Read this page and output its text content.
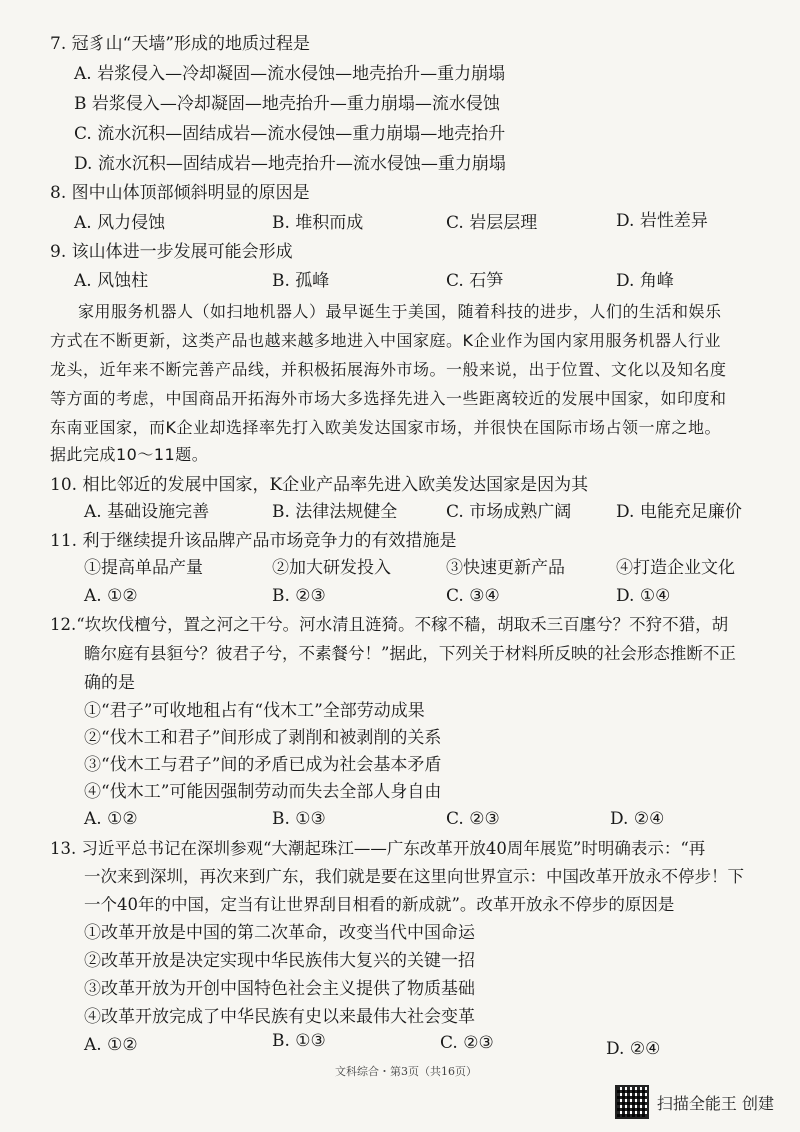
7. 冠豸山“天墙”形成的地质过程是
A. 岩浆侵入—冷却凝固—流水侵蚀—地壳抬升—重力崩塌
B 岩浆侵入—冷却凝固—地壳抬升—重力崩塌—流水侵蚀
C. 流水沉积—固结成岩—流水侵蚀—重力崩塌—地壳抬升
D. 流水沉积—固结成岩—地壳抬升—流水侵蚀—重力崩塌
8. 图中山体顶部倾斜明显的原因是
A. 风力侵蚀	B. 堆积而成	C. 岩层层理	D. 岩性差异
9. 该山体进一步发展可能会形成
A. 风蚀柱	B. 孤峰	C. 石笋	D. 角峰
家用服务机器人（如扫地机器人）最早诞生于美国，随着科技的进步，人们的生活和娱乐
方式在不断更新，这类产品也越来越多地进入中国家庭。K企业作为国内家用服务机器人行业
龙头，近年来不断完善产品线，并积极拓展海外市场。一般来说，出于位置、文化以及知名度
等方面的考虑，中国商品开拓海外市场大多选择先进入一些距离较近的发展中国家，如印度和
东南亚国家，而K企业却选择率先打入欧美发达国家市场，并很快在国际市场占领一席之地。
据此完成10～11题。
10. 相比邻近的发展中国家，K企业产品率先进入欧美发达国家是因为其
A. 基础设施完善	B. 法律法规健全	C. 市场成熟广阔	D. 电能充足廉价
11. 利于继续提升该品牌产品市场竞争力的有效措施是
①提高单品产量	②加大研发投入	③快速更新产品	④打造企业文化
A. ①②	B. ②③	C. ③④	D. ①④
12.“坎坎伐檀兮，置之河之干兮。河水清且涟猗。不稼不穑，胡取禾三百廛兮？不狩不猎，胡
瞻尔庭有县貆兮？彼君子兮，不素餐兮！”据此，下列关于材料所反映的社会形态推断不正
确的是
①“君子”可收地租占有“伐木工”全部劳动成果
②“伐木工和君子”间形成了剥削和被剥削的关系
③“伐木工与君子”间的矛盾已成为社会基本矛盾
④“伐木工”可能因强制劳动而失去全部人身自由
A. ①②	B. ①③	C. ②③	D. ②④
13. 习近平总书记在深圳参观“大潮起珠江——广东改革开放40周年展览”时明确表示：“再
一次来到深圳，再次来到广东，我们就是要在这里向世界宣示：中国改革开放永不停步！下
一个40年的中国，定当有让世界刮目相看的新成就”。改革开放永不停步的原因是
①改革开放是中国的第二次革命，改变当代中国命运
②改革开放是决定实现中华民族伟大复兴的关键一招
③改革开放为开创中国特色社会主义提供了物质基础
④改革开放完成了中华民族有史以来最伟大社会变革
A. ①②	B. ①③	C. ②③	D. ②④
文科综合・第3页（共16页）
扫描全能王 创建
